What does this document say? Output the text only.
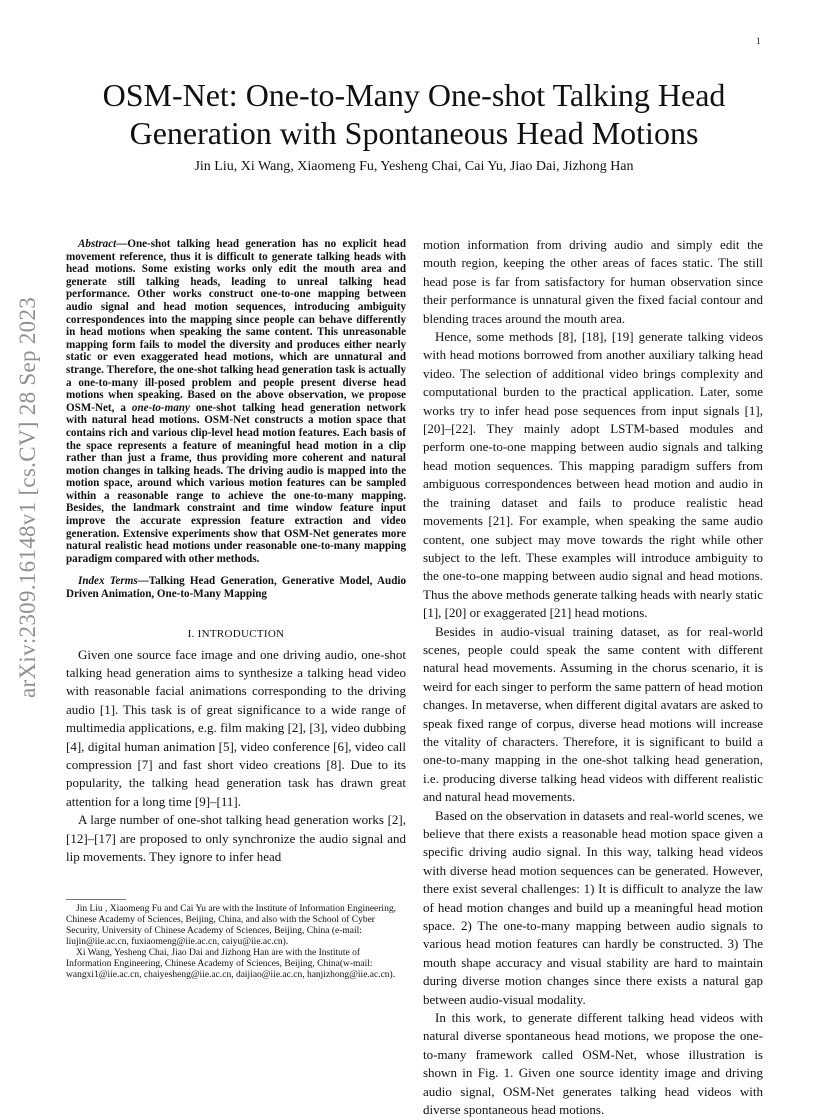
1
arXiv:2309.16148v1 [cs.CV] 28 Sep 2023
OSM-Net: One-to-Many One-shot Talking Head Generation with Spontaneous Head Motions
Jin Liu, Xi Wang, Xiaomeng Fu, Yesheng Chai, Cai Yu, Jiao Dai, Jizhong Han

Abstract—One-shot talking head generation has no explicit head movement reference, thus it is difficult to generate talking heads with head motions. Some existing works only edit the mouth area and generate still talking heads, leading to unreal talking head performance. Other works construct one-to-one mapping between audio signal and head motion sequences, introducing ambiguity correspondences into the mapping since people can behave differently in head motions when speaking the same content. This unreasonable mapping form fails to model the diversity and produces either nearly static or even exaggerated head motions, which are unnatural and strange. Therefore, the one-shot talking head generation task is actually a one-to-many ill-posed problem and people present diverse head motions when speaking. Based on the above observation, we propose OSM-Net, a one-to-many one-shot talking head generation network with natural head motions. OSM-Net constructs a motion space that contains rich and various clip-level head motion features. Each basis of the space represents a feature of meaningful head motion in a clip rather than just a frame, thus providing more coherent and natural motion changes in talking heads. The driving audio is mapped into the motion space, around which various motion features can be sampled within a reasonable range to achieve the one-to-many mapping. Besides, the landmark constraint and time window feature input improve the accurate expression feature extraction and video generation. Extensive experiments show that OSM-Net generates more natural realistic head motions under reasonable one-to-many mapping paradigm compared with other methods.

Index Terms—Talking Head Generation, Generative Model, Audio Driven Animation, One-to-Many Mapping

I. INTRODUCTION

Given one source face image and one driving audio, one-shot talking head generation aims to synthesize a talking head video with reasonable facial animations corresponding to the driving audio [1]. This task is of great significance to a wide range of multimedia applications, e.g. film making [2], [3], video dubbing [4], digital human animation [5], video conference [6], video call compression [7] and fast short video creations [8]. Due to its popularity, the talking head generation task has drawn great attention for a long time [9]–[11].

A large number of one-shot talking head generation works [2], [12]–[17] are proposed to only synchronize the audio signal and lip movements. They ignore to infer head

Jin Liu , Xiaomeng Fu and Cai Yu are with the Institute of Information Engineering, Chinese Academy of Sciences, Beijing, China, and also with the School of Cyber Security, University of Chinese Academy of Sciences, Beijing, China (e-mail: liujin@iie.ac.cn, fuxiaomeng@iie.ac.cn, caiyu@iie.ac.cn).

Xi Wang, Yesheng Chai, Jiao Dai and Jizhong Han are with the Institute of Information Engineering, Chinese Academy of Sciences, Beijing, China(w-mail: wangxi1@iie.ac.cn, chaiyesheng@iie.ac.cn, daijiao@iie.ac.cn, hanjizhong@iie.ac.cn).

motion information from driving audio and simply edit the mouth region, keeping the other areas of faces static. The still head pose is far from satisfactory for human observation since their performance is unnatural given the fixed facial contour and blending traces around the mouth area.

Hence, some methods [8], [18], [19] generate talking videos with head motions borrowed from another auxiliary talking head video. The selection of additional video brings complexity and computational burden to the practical application. Later, some works try to infer head pose sequences from input signals [1], [20]–[22]. They mainly adopt LSTM-based modules and perform one-to-one mapping between audio signals and talking head motion sequences. This mapping paradigm suffers from ambiguous correspondences between head motion and audio in the training dataset and fails to produce realistic head movements [21]. For example, when speaking the same audio content, one subject may move towards the right while other subject to the left. These examples will introduce ambiguity to the one-to-one mapping between audio signal and head motions. Thus the above methods generate talking heads with nearly static [1], [20] or exaggerated [21] head motions.

Besides in audio-visual training dataset, as for real-world scenes, people could speak the same content with different natural head movements. Assuming in the chorus scenario, it is weird for each singer to perform the same pattern of head motion changes. In metaverse, when different digital avatars are asked to speak fixed range of corpus, diverse head motions will increase the vitality of characters. Therefore, it is significant to build a one-to-many mapping in the one-shot talking head generation, i.e. producing diverse talking head videos with different realistic and natural head movements.

Based on the observation in datasets and real-world scenes, we believe that there exists a reasonable head motion space given a specific driving audio signal. In this way, talking head videos with diverse head motion sequences can be generated. However, there exist several challenges: 1) It is difficult to analyze the law of head motion changes and build up a meaningful head motion space. 2) The one-to-many mapping between audio signals to various head motion features can hardly be constructed. 3) The mouth shape accuracy and visual stability are hard to maintain during diverse motion changes since there exists a natural gap between audio-visual modality.

In this work, to generate different talking head videos with natural diverse spontaneous head motions, we propose the one-to-many framework called OSM-Net, whose illustration is shown in Fig. 1. Given one source identity image and driving audio signal, OSM-Net generates talking head videos with diverse spontaneous head motions.
